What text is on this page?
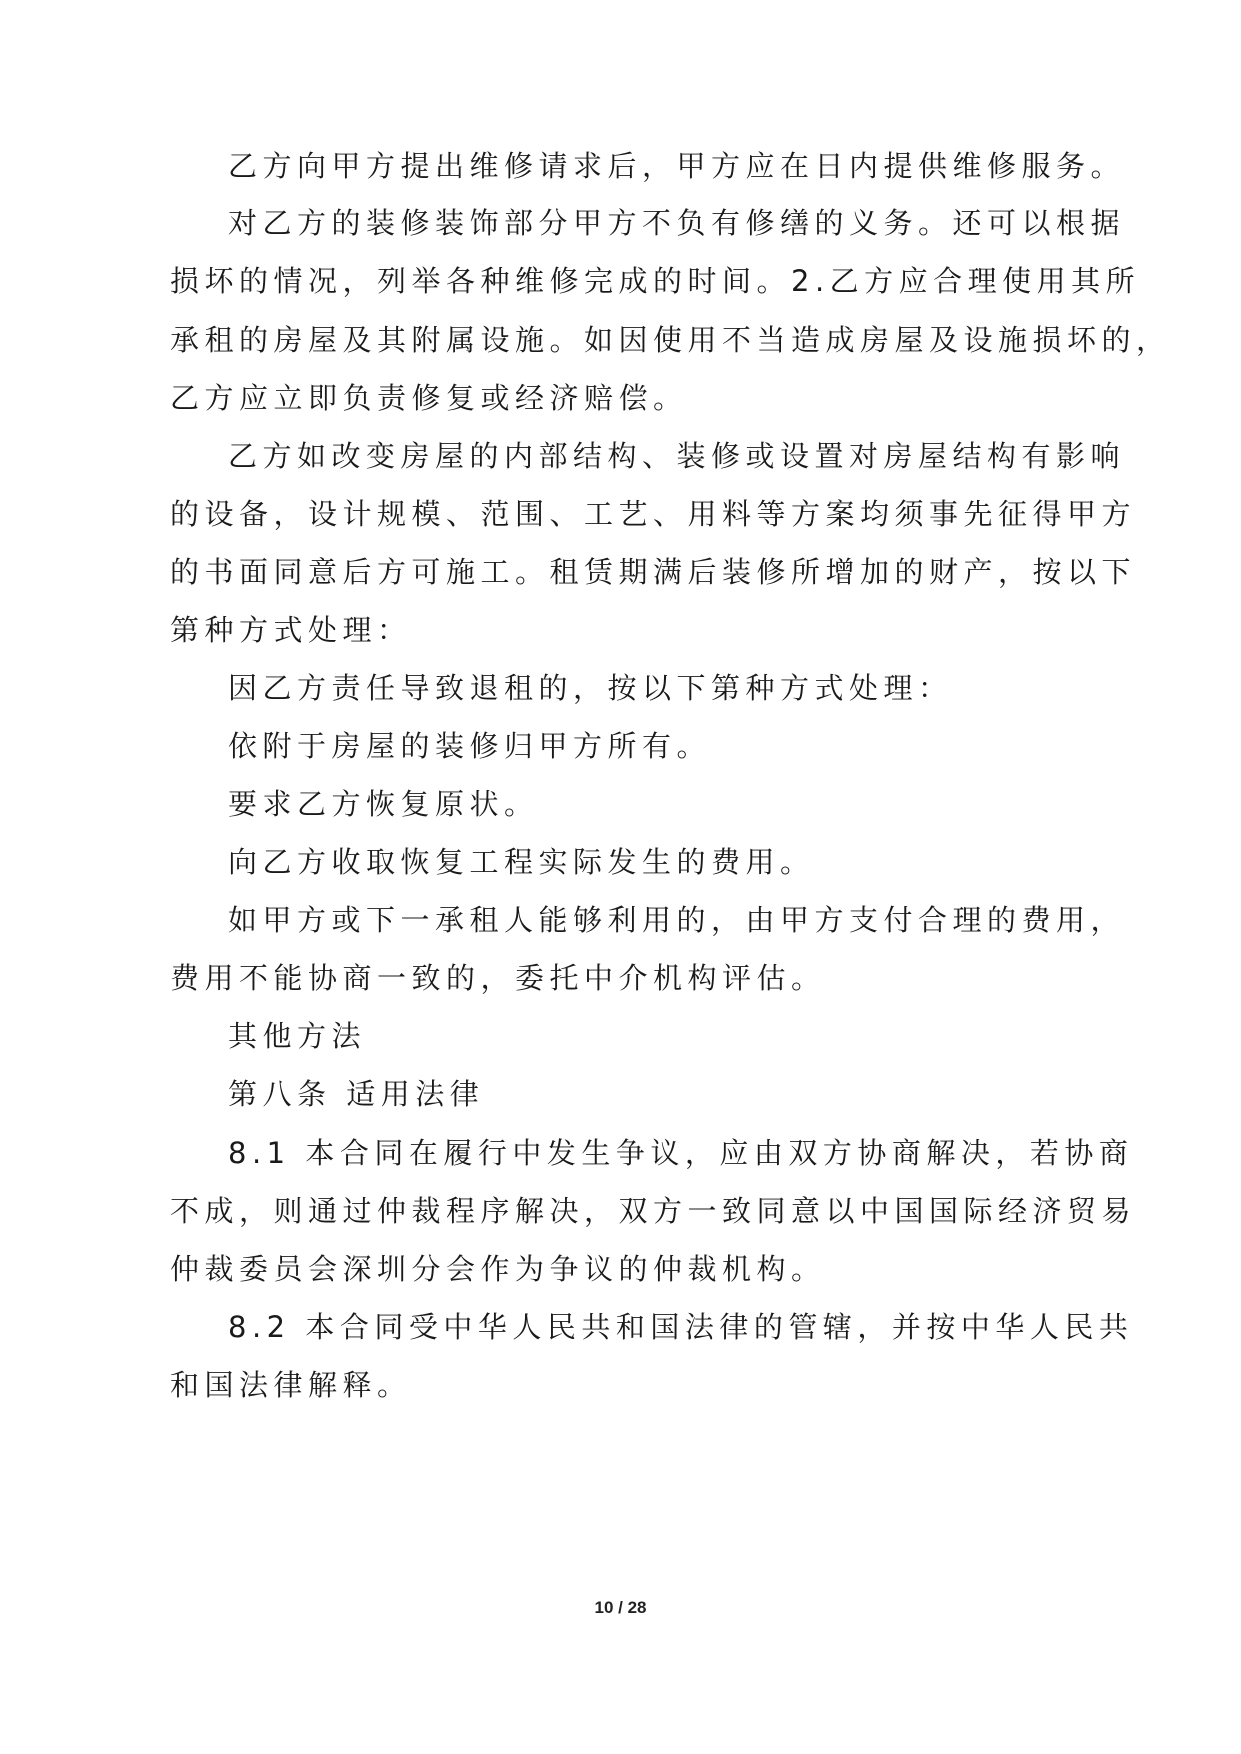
乙方向甲方提出维修请求后，甲方应在日内提供维修服务。
对乙方的装修装饰部分甲方不负有修缮的义务。还可以根据
损坏的情况，列举各种维修完成的时间。2.乙方应合理使用其所
承租的房屋及其附属设施。如因使用不当造成房屋及设施损坏的，
乙方应立即负责修复或经济赔偿。
乙方如改变房屋的内部结构、装修或设置对房屋结构有影响
的设备，设计规模、范围、工艺、用料等方案均须事先征得甲方
的书面同意后方可施工。租赁期满后装修所增加的财产，按以下
第种方式处理：
因乙方责任导致退租的，按以下第种方式处理：
依附于房屋的装修归甲方所有。
要求乙方恢复原状。
向乙方收取恢复工程实际发生的费用。
如甲方或下一承租人能够利用的，由甲方支付合理的费用，
费用不能协商一致的，委托中介机构评估。
其他方法
第八条 适用法律
8.1 本合同在履行中发生争议，应由双方协商解决，若协商
不成，则通过仲裁程序解决，双方一致同意以中国国际经济贸易
仲裁委员会深圳分会作为争议的仲裁机构。
8.2 本合同受中华人民共和国法律的管辖，并按中华人民共
和国法律解释。
10 / 28
